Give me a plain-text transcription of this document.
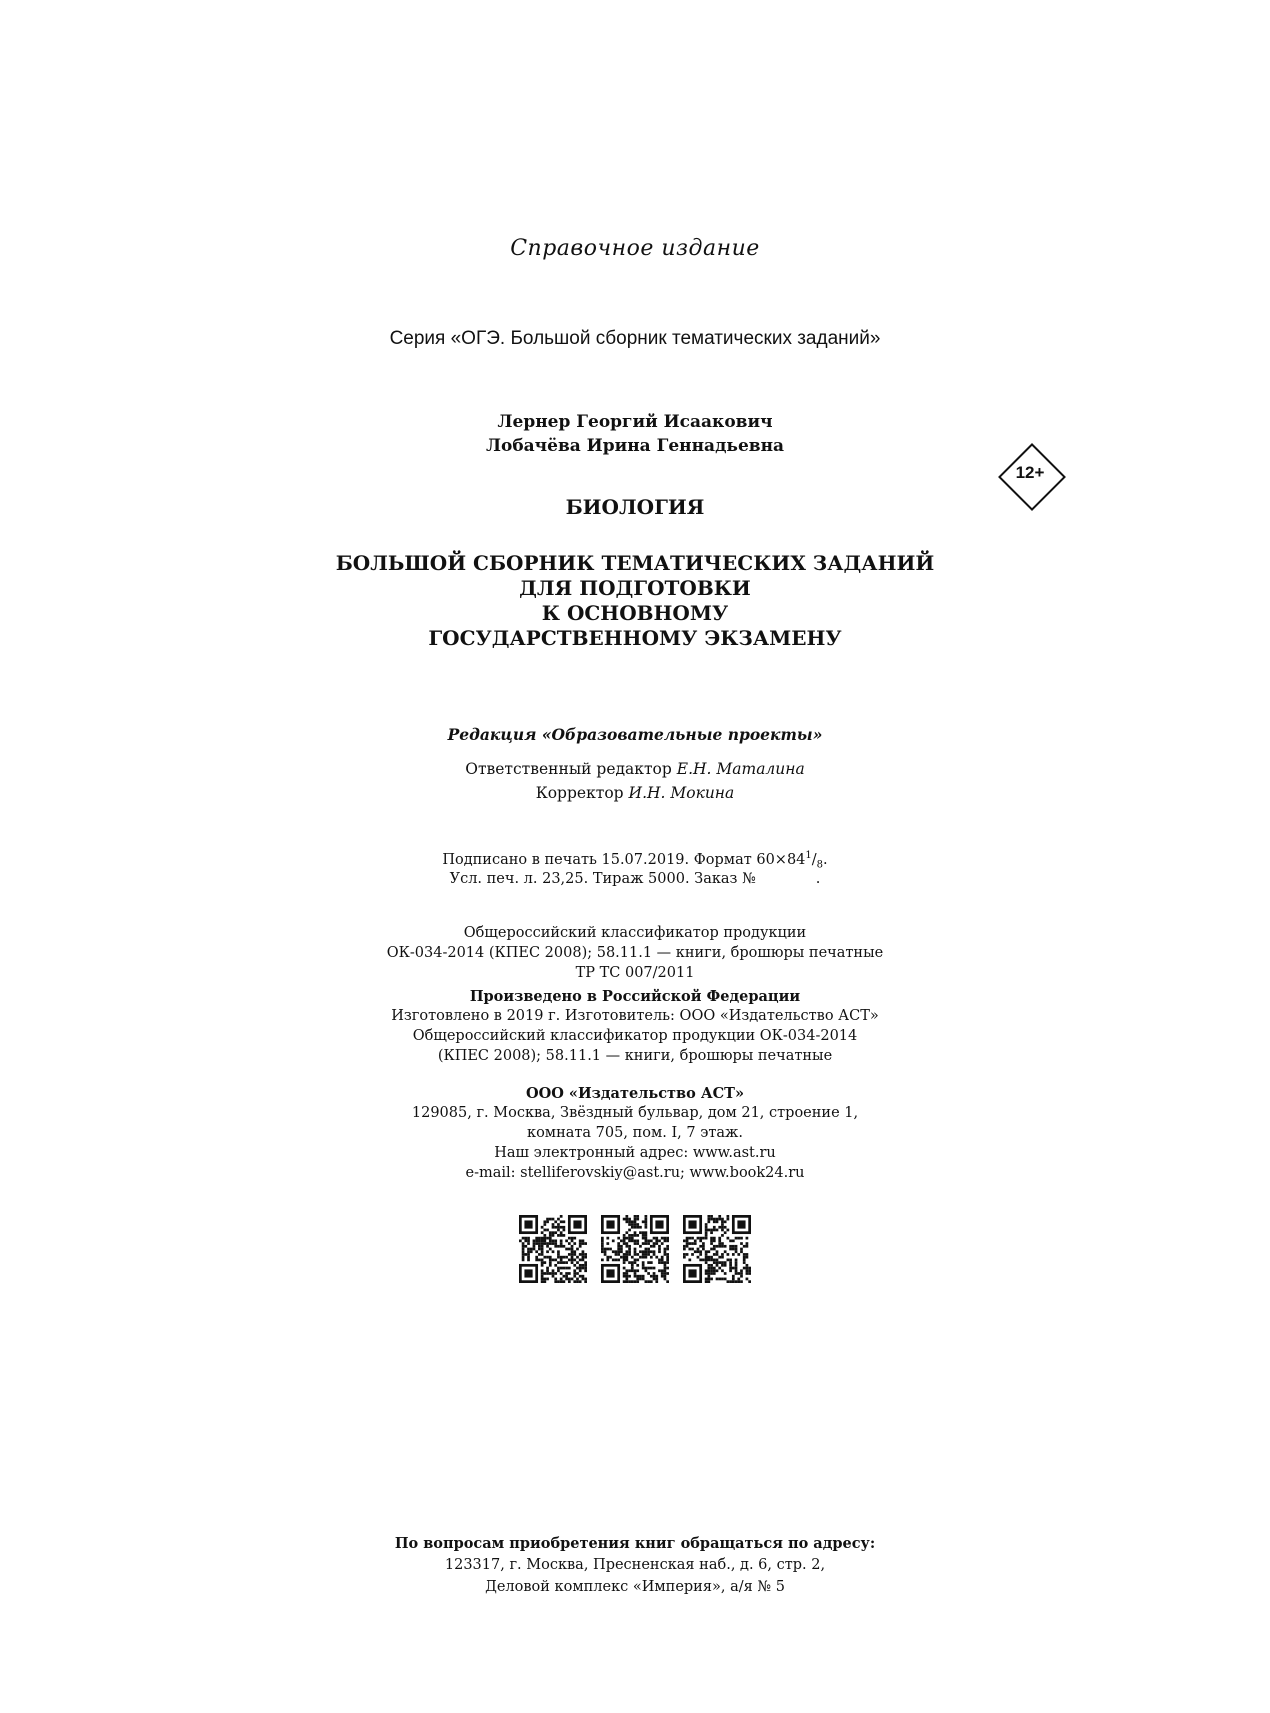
Справочное издание
Серия «ОГЭ. Большой сборник тематических заданий»
Лернер Георгий Исаакович
Лобачёва Ирина Геннадьевна
12+
БИОЛОГИЯ
БОЛЬШОЙ СБОРНИК ТЕМАТИЧЕСКИХ ЗАДАНИЙ
ДЛЯ ПОДГОТОВКИ
К ОСНОВНОМУ
ГОСУДАРСТВЕННОМУ ЭКЗАМЕНУ
Редакция «Образовательные проекты»
Ответственный редактор Е.Н. Маталина
Корректор И.Н. Мокина
Подписано в печать 15.07.2019. Формат $60\times 84^1/_8$.
Усл. печ. л. 23,25. Тираж 5000. Заказ №	.
Общероссийский классификатор продукции
ОК-034-2014 (КПЕС 2008); 58.11.1 — книги, брошюры печатные
ТР ТС 007/2011
Произведено в Российской Федерации
Изготовлено в 2019 г. Изготовитель: ООО «Издательство АСТ»
Общероссийский классификатор продукции ОК-034-2014
(КПЕС 2008); 58.11.1 — книги, брошюры печатные
ООО «Издательство АСТ»
129085, г. Москва, Звёздный бульвар, дом 21, строение 1,
комната 705, пом. I, 7 этаж.
Наш электронный адрес: www.ast.ru
e-mail: stelliferovskiy@ast.ru; www.book24.ru
По вопросам приобретения книг обращаться по адресу:
123317, г. Москва, Пресненская наб., д. 6, стр. 2,
Деловой комплекс «Империя», а/я № 5
